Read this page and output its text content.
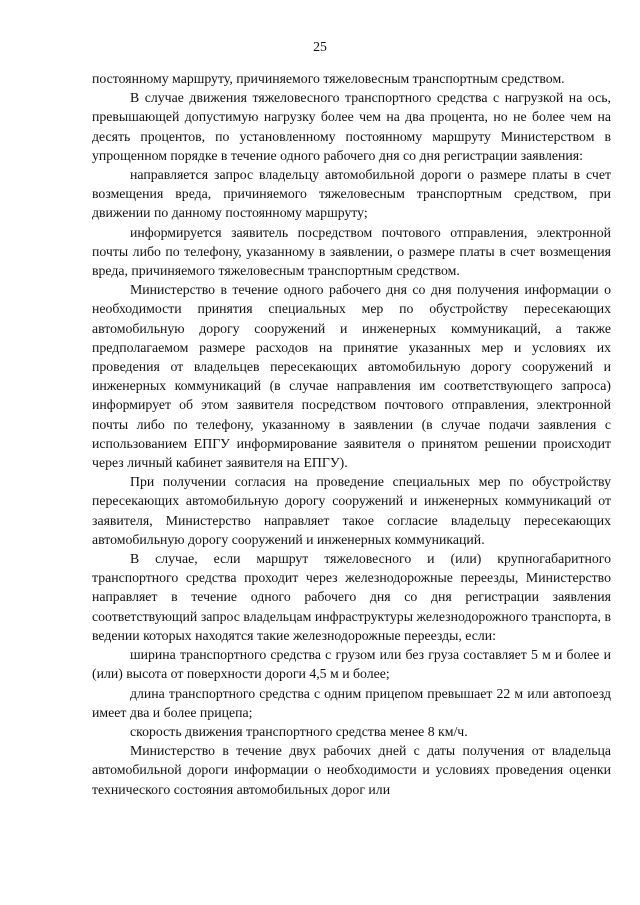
25

постоянному маршруту, причиняемого тяжеловесным транспортным средством.

В случае движения тяжеловесного транспортного средства с нагрузкой на ось, превышающей допустимую нагрузку более чем на два процента, но не более чем на десять процентов, по установленному постоянному маршруту Министерством в упрощенном порядке в течение одного рабочего дня со дня регистрации заявления:

направляется запрос владельцу автомобильной дороги о размере платы в счет возмещения вреда, причиняемого тяжеловесным транспортным средством, при движении по данному постоянному маршруту;

информируется заявитель посредством почтового отправления, электронной почты либо по телефону, указанному в заявлении, о размере платы в счет возмещения вреда, причиняемого тяжеловесным транспортным средством.

Министерство в течение одного рабочего дня со дня получения информации о необходимости принятия специальных мер по обустройству пересекающих автомобильную дорогу сооружений и инженерных коммуникаций, а также предполагаемом размере расходов на принятие указанных мер и условиях их проведения от владельцев пересекающих автомобильную дорогу сооружений и инженерных коммуникаций (в случае направления им соответствующего запроса) информирует об этом заявителя посредством почтового отправления, электронной почты либо по телефону, указанному в заявлении (в случае подачи заявления с использованием ЕПГУ информирование заявителя о принятом решении происходит через личный кабинет заявителя на ЕПГУ).

При получении согласия на проведение специальных мер по обустройству пересекающих автомобильную дорогу сооружений и инженерных коммуникаций от заявителя, Министерство направляет такое согласие владельцу пересекающих автомобильную дорогу сооружений и инженерных коммуникаций.

В случае, если маршрут тяжеловесного и (или) крупногабаритного транспортного средства проходит через железнодорожные переезды, Министерство направляет в течение одного рабочего дня со дня регистрации заявления соответствующий запрос владельцам инфраструктуры железнодорожного транспорта, в ведении которых находятся такие железнодорожные переезды, если:

ширина транспортного средства с грузом или без груза составляет 5 м и более и (или) высота от поверхности дороги 4,5 м и более;

длина транспортного средства с одним прицепом превышает 22 м или автопоезд имеет два и более прицепа;

скорость движения транспортного средства менее 8 км/ч.

Министерство в течение двух рабочих дней с даты получения от владельца автомобильной дороги информации о необходимости и условиях проведения оценки технического состояния автомобильных дорог или
